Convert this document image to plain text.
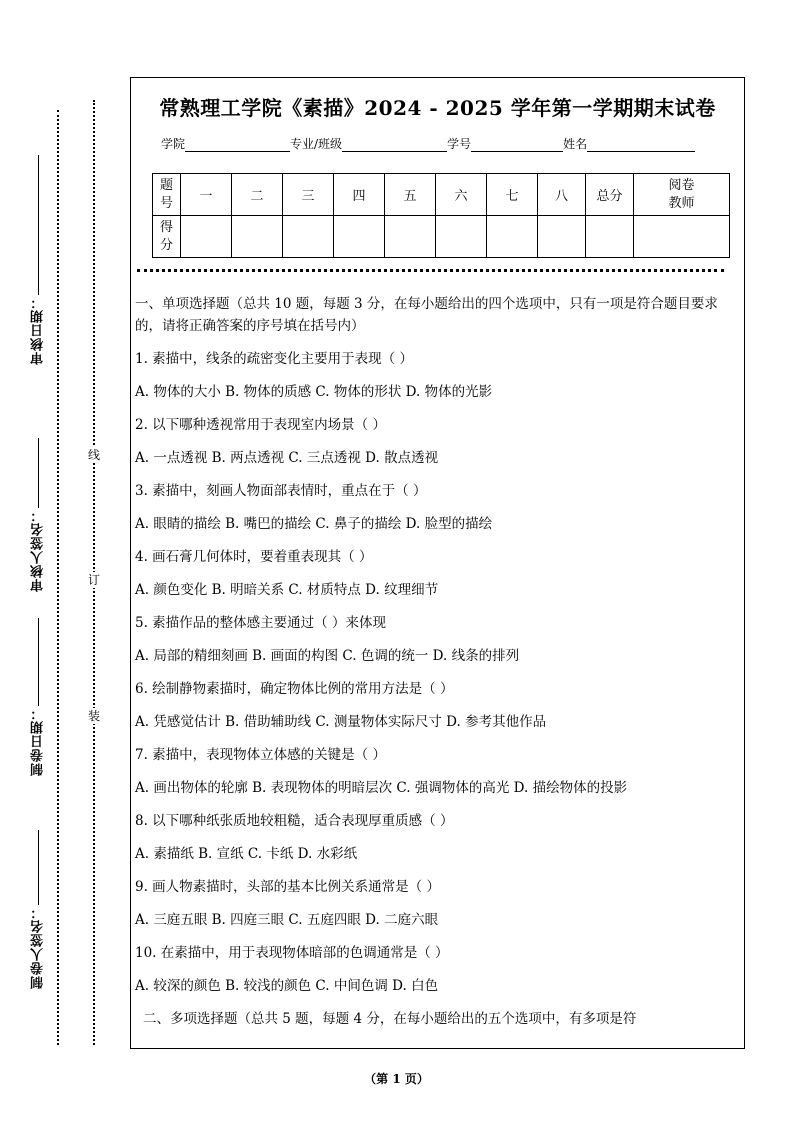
审核日期：
审核人签名：
制卷日期：
制卷人签名：
线
订
装
常熟理工学院《素描》2024 - 2025 学年第一学期期末试卷
学院	专业/班级	学号	姓名
题号	一	二	三	四	五	六	七	八	总分	阅卷教师
得分										

一、单项选择题（总共 10 题，每题 3 分，在每小题给出的四个选项中，只有一项是符合题目要求的，请将正确答案的序号填在括号内）

1. 素描中，线条的疏密变化主要用于表现（ ）

A. 物体的大小 B. 物体的质感 C. 物体的形状 D. 物体的光影

2. 以下哪种透视常用于表现室内场景（ ）

A. 一点透视 B. 两点透视 C. 三点透视 D. 散点透视

3. 素描中，刻画人物面部表情时，重点在于（ ）

A. 眼睛的描绘 B. 嘴巴的描绘 C. 鼻子的描绘 D. 脸型的描绘

4. 画石膏几何体时，要着重表现其（ ）

A. 颜色变化 B. 明暗关系 C. 材质特点 D. 纹理细节

5. 素描作品的整体感主要通过（ ）来体现

A. 局部的精细刻画 B. 画面的构图 C. 色调的统一 D. 线条的排列

6. 绘制静物素描时，确定物体比例的常用方法是（ ）

A. 凭感觉估计 B. 借助辅助线 C. 测量物体实际尺寸 D. 参考其他作品

7. 素描中，表现物体立体感的关键是（ ）

A. 画出物体的轮廓 B. 表现物体的明暗层次 C. 强调物体的高光 D. 描绘物体的投影

8. 以下哪种纸张质地较粗糙，适合表现厚重质感（ ）

A. 素描纸 B. 宣纸 C. 卡纸 D. 水彩纸

9. 画人物素描时，头部的基本比例关系通常是（ ）

A. 三庭五眼 B. 四庭三眼 C. 五庭四眼 D. 二庭六眼

10. 在素描中，用于表现物体暗部的色调通常是（ ）

A. 较深的颜色 B. 较浅的颜色 C. 中间色调 D. 白色

二、多项选择题（总共 5 题，每题 4 分，在每小题给出的五个选项中，有多项是符

（第 1 页）
